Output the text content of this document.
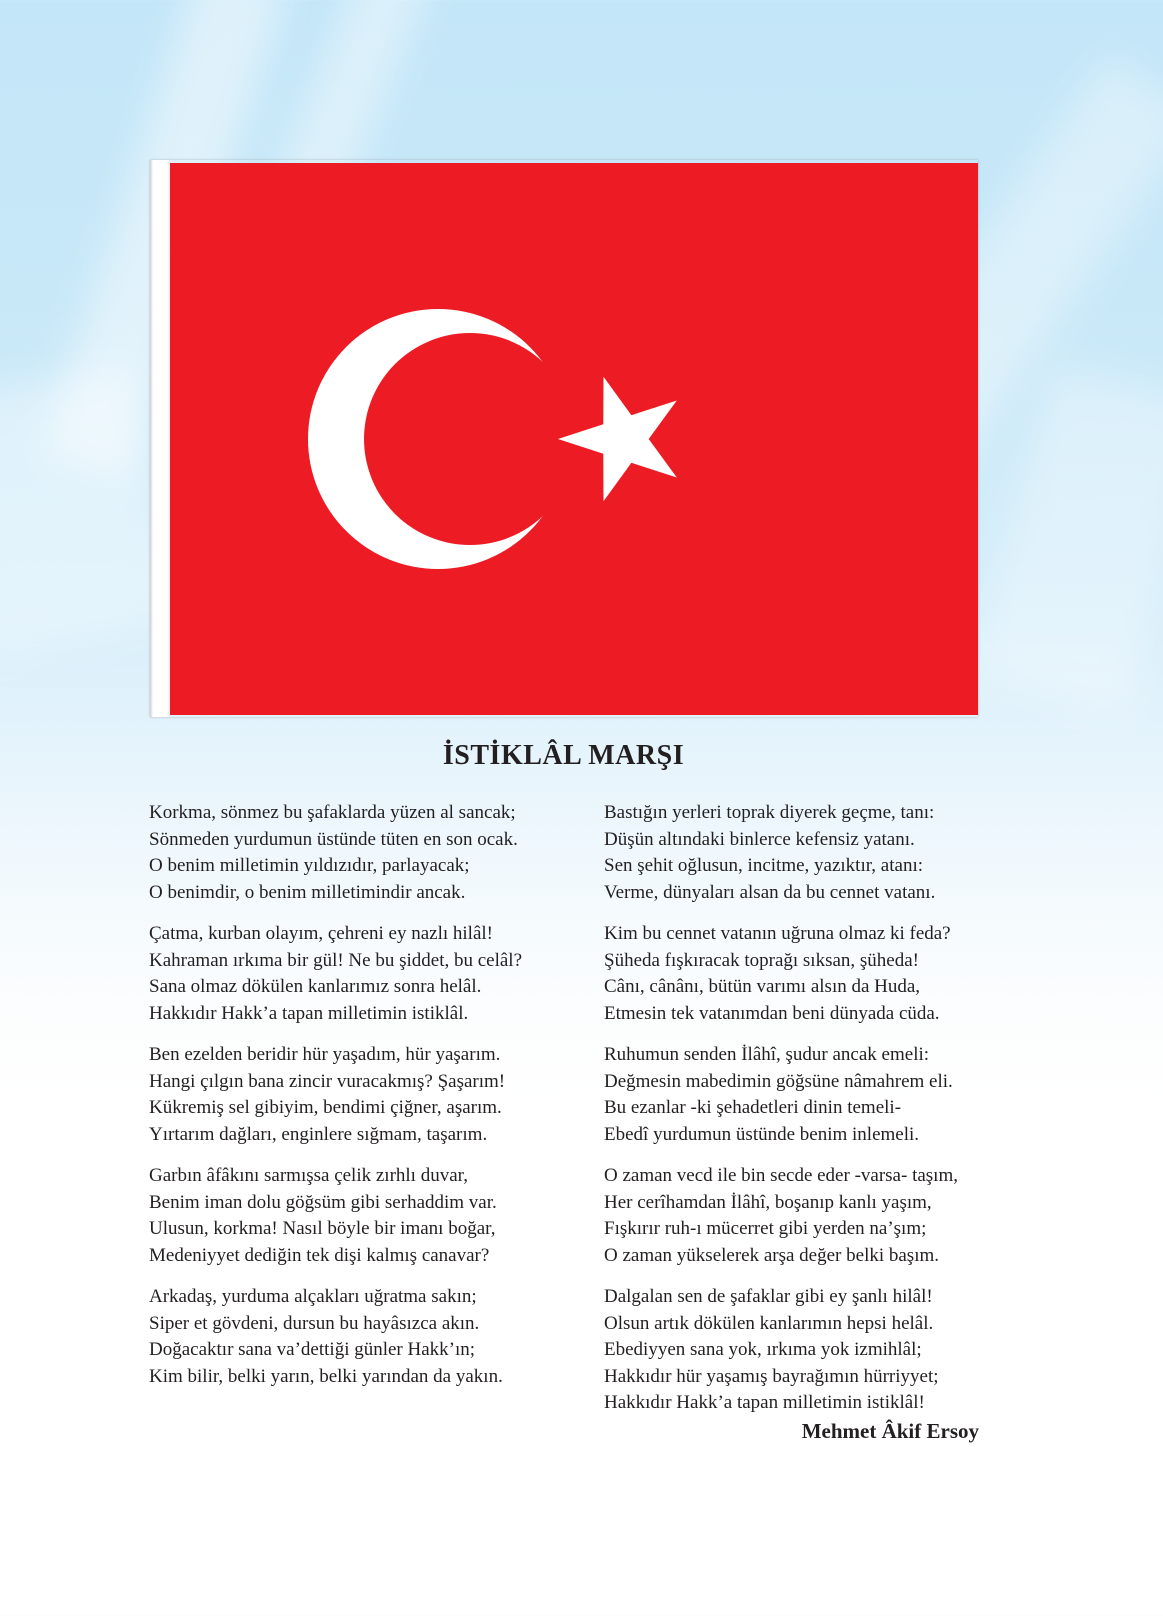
İSTİKLÂL MARŞI
Korkma, sönmez bu şafaklarda yüzen al sancak;
Sönmeden yurdumun üstünde tüten en son ocak.
O benim milletimin yıldızıdır, parlayacak;
O benimdir, o benim milletimindir ancak.
Çatma, kurban olayım, çehreni ey nazlı hilâl!
Kahraman ırkıma bir gül! Ne bu şiddet, bu celâl?
Sana olmaz dökülen kanlarımız sonra helâl.
Hakkıdır Hakk’a tapan milletimin istiklâl.
Ben ezelden beridir hür yaşadım, hür yaşarım.
Hangi çılgın bana zincir vuracakmış? Şaşarım!
Kükremiş sel gibiyim, bendimi çiğner, aşarım.
Yırtarım dağları, enginlere sığmam, taşarım.
Garbın âfâkını sarmışsa çelik zırhlı duvar,
Benim iman dolu göğsüm gibi serhaddim var.
Ulusun, korkma! Nasıl böyle bir imanı boğar,
Medeniyyet dediğin tek dişi kalmış canavar?
Arkadaş, yurduma alçakları uğratma sakın;
Siper et gövdeni, dursun bu hayâsızca akın.
Doğacaktır sana va’dettiği günler Hakk’ın;
Kim bilir, belki yarın, belki yarından da yakın.
Bastığın yerleri toprak diyerek geçme, tanı:
Düşün altındaki binlerce kefensiz yatanı.
Sen şehit oğlusun, incitme, yazıktır, atanı:
Verme, dünyaları alsan da bu cennet vatanı.
Kim bu cennet vatanın uğruna olmaz ki feda?
Şüheda fışkıracak toprağı sıksan, şüheda!
Cânı, cânânı, bütün varımı alsın da Huda,
Etmesin tek vatanımdan beni dünyada cüda.
Ruhumun senden İlâhî, şudur ancak emeli:
Değmesin mabedimin göğsüne nâmahrem eli.
Bu ezanlar -ki şehadetleri dinin temeli-
Ebedî yurdumun üstünde benim inlemeli.
O zaman vecd ile bin secde eder -varsa- taşım,
Her cerîhamdan İlâhî, boşanıp kanlı yaşım,
Fışkırır ruh-ı mücerret gibi yerden na’şım;
O zaman yükselerek arşa değer belki başım.
Dalgalan sen de şafaklar gibi ey şanlı hilâl!
Olsun artık dökülen kanlarımın hepsi helâl.
Ebediyyen sana yok, ırkıma yok izmihlâl;
Hakkıdır hür yaşamış bayrağımın hürriyyet;
Hakkıdır Hakk’a tapan milletimin istiklâl!
Mehmet Âkif Ersoy
